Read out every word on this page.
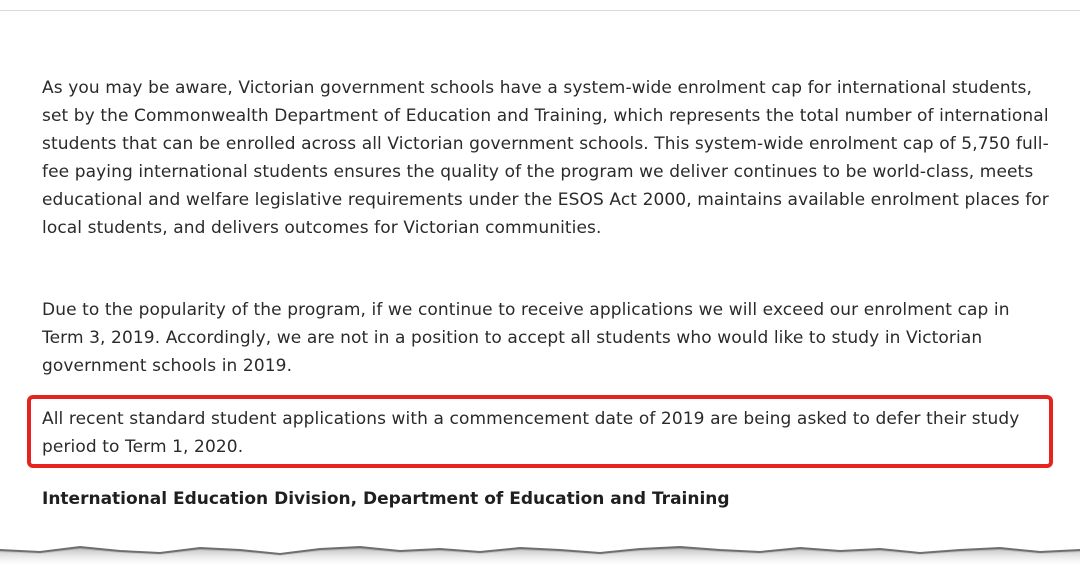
As you may be aware, Victorian government schools have a system-wide enrolment cap for international students, set by the Commonwealth Department of Education and Training, which represents the total number of international students that can be enrolled across all Victorian government schools. This system-wide enrolment cap of 5,750 full-fee paying international students ensures the quality of the program we deliver continues to be world-class, meets educational and welfare legislative requirements under the ESOS Act 2000, maintains available enrolment places for local students, and delivers outcomes for Victorian communities.

Due to the popularity of the program, if we continue to receive applications we will exceed our enrolment cap in Term 3, 2019. Accordingly, we are not in a position to accept all students who would like to study in Victorian government schools in 2019.

All recent standard student applications with a commencement date of 2019 are being asked to defer their study period to Term 1, 2020.

International Education Division, Department of Education and Training
